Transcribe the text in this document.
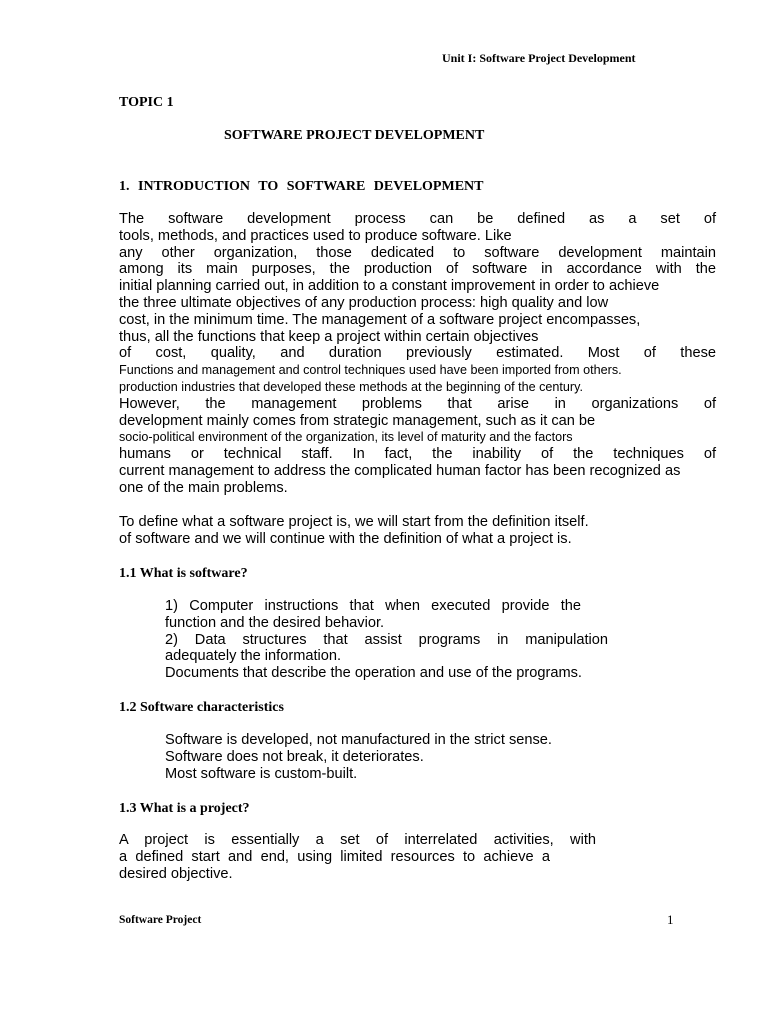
Unit I: Software Project Development
TOPIC 1
SOFTWARE PROJECT DEVELOPMENT
1. INTRODUCTION TO SOFTWARE DEVELOPMENT
The software development process can be defined as a set of
tools, methods, and practices used to produce software. Like
any other organization, those dedicated to software development maintain
among its main purposes, the production of software in accordance with the
initial planning carried out, in addition to a constant improvement in order to achieve
the three ultimate objectives of any production process: high quality and low
cost, in the minimum time. The management of a software project encompasses,
thus, all the functions that keep a project within certain objectives
of cost, quality, and duration previously estimated. Most of these
Functions and management and control techniques used have been imported from others.
production industries that developed these methods at the beginning of the century.
However, the management problems that arise in organizations of
development mainly comes from strategic management, such as it can be
socio-political environment of the organization, its level of maturity and the factors
humans or technical staff. In fact, the inability of the techniques of
current management to address the complicated human factor has been recognized as
one of the main problems.
To define what a software project is, we will start from the definition itself.
of software and we will continue with the definition of what a project is.
1.1 What is software?
1) Computer instructions that when executed provide the
function and the desired behavior.
2) Data structures that assist programs in manipulation
adequately the information.
Documents that describe the operation and use of the programs.
1.2 Software characteristics
Software is developed, not manufactured in the strict sense.
Software does not break, it deteriorates.
Most software is custom-built.
1.3 What is a project?
A project is essentially a set of interrelated activities, with
a defined start and end, using limited resources to achieve a
desired objective.
Software Project	1
